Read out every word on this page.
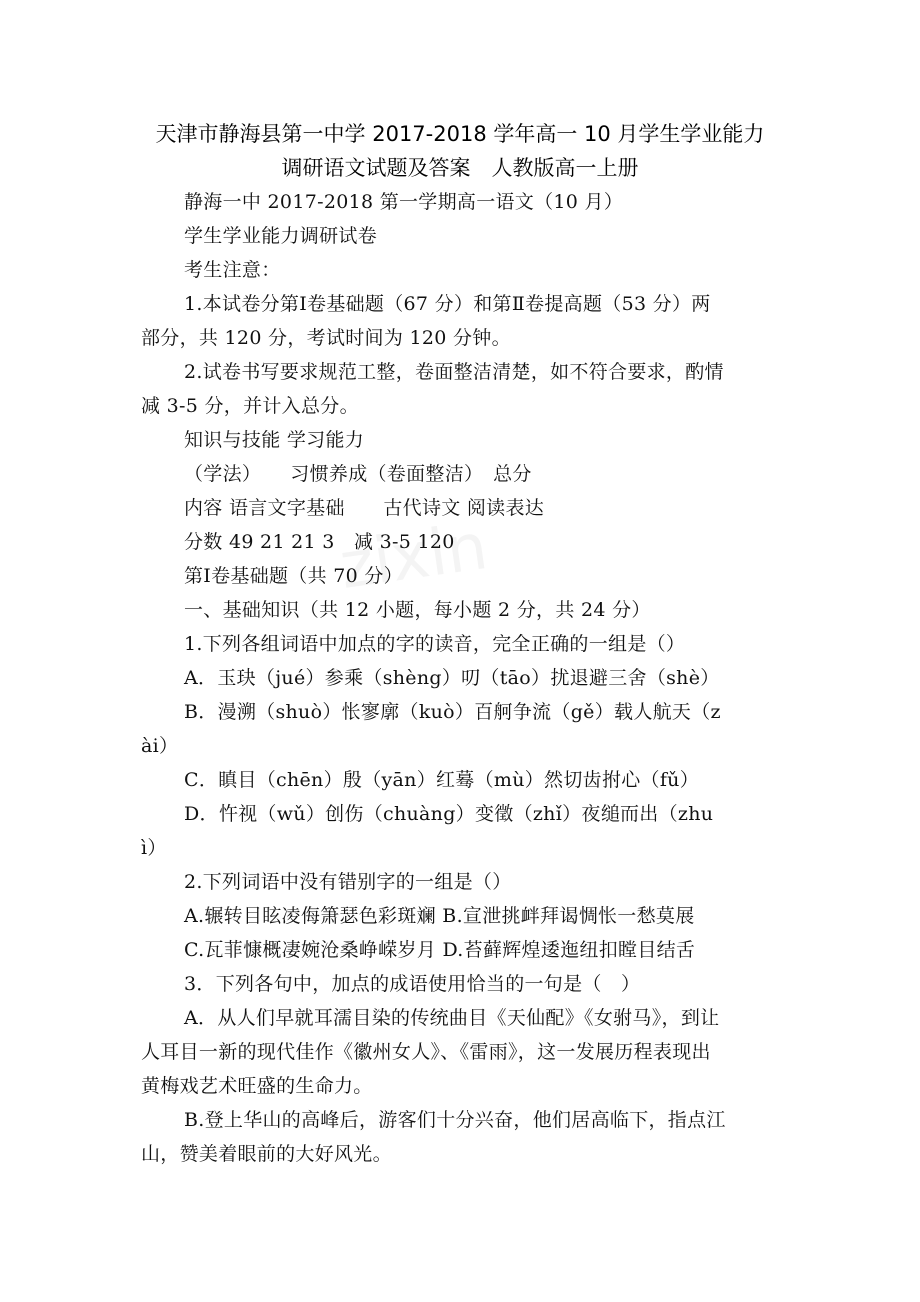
天津市静海县第一中学 2017-2018 学年高一 10 月学生学业能力
调研语文试题及答案　人教版高一上册
静海一中 2017-2018 第一学期高一语文（10 月）
学生学业能力调研试卷
考生注意：
1.本试卷分第Ⅰ卷基础题（67 分）和第Ⅱ卷提高题（53 分）两
部分，共 120 分，考试时间为 120 分钟。
2.试卷书写要求规范工整，卷面整洁清楚，如不符合要求，酌情
减 3-5 分，并计入总分。
知识与技能 学习能力
（学法）　　习惯养成（卷面整洁）　总分
内容 语言文字基础　　古代诗文 阅读表达
分数 49 21 21 3　减 3-5 120
第Ⅰ卷基础题（共 70 分）
一、基础知识（共 12 小题，每小题 2 分，共 24 分）
1.下列各组词语中加点的字的读音，完全正确的一组是（）
A．玉玦（jué）参乘（shèng）叨（tāo）扰退避三舍（shè）
B．漫溯（shuò）怅寥廓（kuò）百舸争流（gě）载人航天（z
ài）
C．瞋目（chēn）殷（yān）红蓦（mù）然切齿拊心（fǔ）
D．忤视（wǔ）创伤（chuàng）变徵（zhǐ）夜缒而出（zhu
ì）
2.下列词语中没有错别字的一组是（）
A.辗转目眩凌侮箫瑟色彩斑斓 B.宣泄挑衅拜谒惆怅一愁莫展
C.瓦菲慷概凄婉沧桑峥嵘岁月 D.苔藓辉煌逶迤纽扣瞠目结舌
3．下列各句中，加点的成语使用恰当的一句是（　）
A．从人们早就耳濡目染的传统曲目《天仙配》《女驸马》，到让
人耳目一新的现代佳作《徽州女人》、《雷雨》，这一发展历程表现出
黄梅戏艺术旺盛的生命力。
B.登上华山的高峰后，游客们十分兴奋，他们居高临下，指点江
山，赞美着眼前的大好风光。
